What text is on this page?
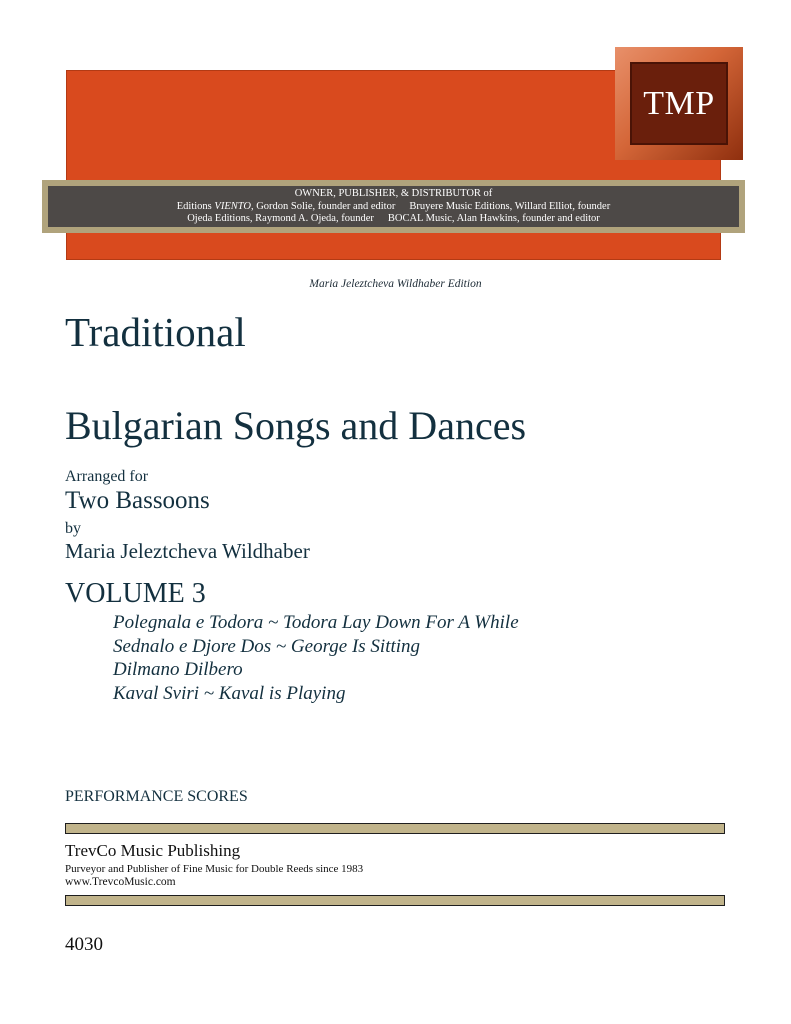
OWNER, PUBLISHER, & DISTRIBUTOR of
Editions VIENTO, Gordon Solie, founder and editor Bruyere Music Editions, Willard Elliot, founder
Ojeda Editions, Raymond A. Ojeda, founder BOCAL Music, Alan Hawkins, founder and editor
TMP
Maria Jeleztcheva Wildhaber Edition
Traditional
Bulgarian Songs and Dances
Arranged for
Two Bassoons
by
Maria Jeleztcheva Wildhaber
VOLUME 3
Polegnala e Todora ~ Todora Lay Down For A While
Sednalo e Djore Dos ~ George Is Sitting
Dilmano Dilbero
Kaval Sviri ~ Kaval is Playing
PERFORMANCE SCORES
TrevCo Music Publishing
Purveyor and Publisher of Fine Music for Double Reeds since 1983
www.TrevcoMusic.com
4030
